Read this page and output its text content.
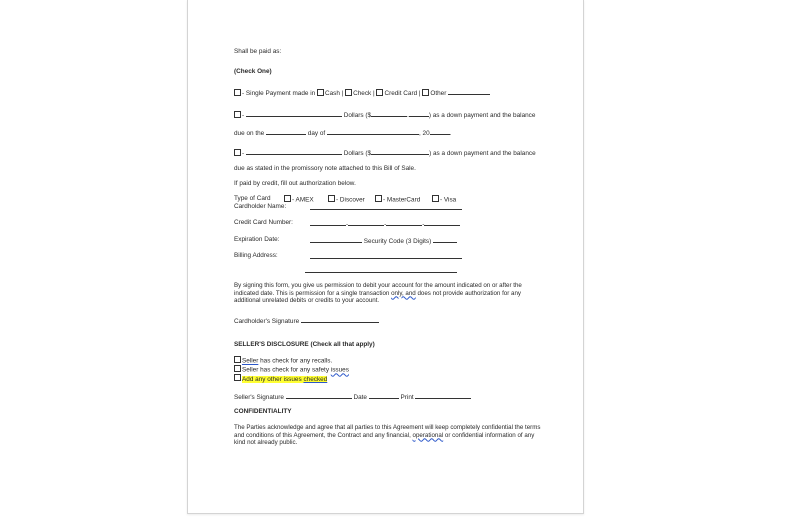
Shall be paid as:
(Check One)
- Single Payment made in Cash | Check | Credit Card | Other
-	Dollars ($	.	) as a down payment and the balance
due on the	day of	, 20	.
-	Dollars ($	) as a down payment and the balance
due as stated in the promissory note attached to this Bill of Sale.
If paid by credit, fill out authorization below.
Type of Card	- AMEX	- Discover	- MasterCard	- Visa
Cardholder Name:
Credit Card Number:	-	-	-
Expiration Date:	Security Code (3 Digits)
Billing Address:
By signing this form, you give us permission to debit your account for the amount indicated on or after the indicated date. This is permission for a single transaction only, and does not provide authorization for any additional unrelated debits or credits to your account.
Cardholder's Signature
SELLER'S DISCLOSURE (Check all that apply)
Seller has check for any recalls.
Seller has check for any safety issues
Add any other issues checked
Seller's Signature	Date	Print
CONFIDENTIALITY
The Parties acknowledge and agree that all parties to this Agreement will keep completely confidential the terms and conditions of this Agreement, the Contract and any financial, operational or confidential information of any kind not already public.
